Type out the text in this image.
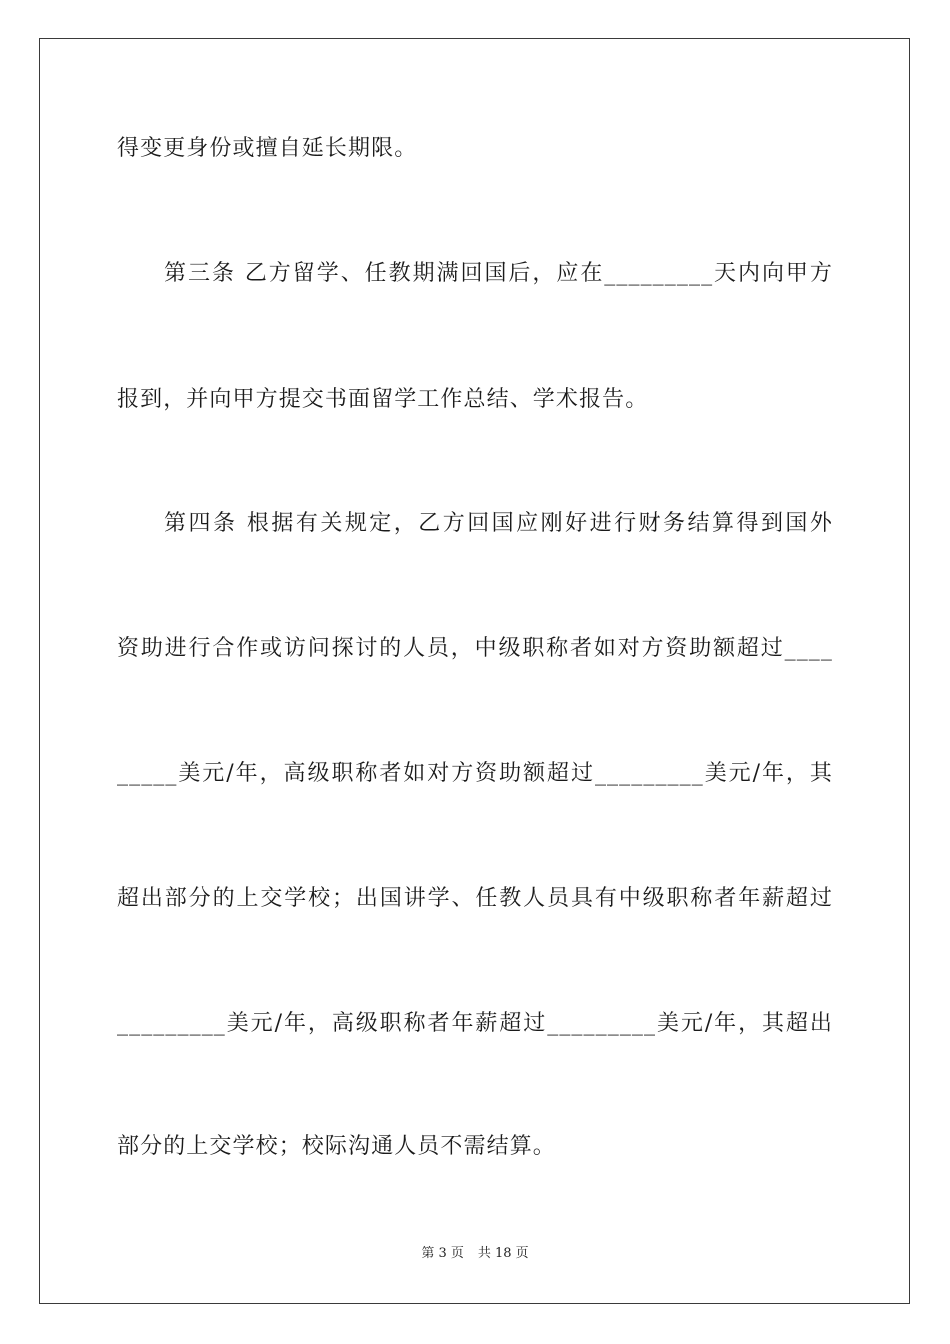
得变更身份或擅自延长期限。
第三条 乙方留学、任教期满回国后，应在_________天内向甲方
报到，并向甲方提交书面留学工作总结、学术报告。
第四条 根据有关规定，乙方回国应刚好进行财务结算得到国外
资助进行合作或访问探讨的人员，中级职称者如对方资助额超过____
_____美元/年，高级职称者如对方资助额超过_________美元/年，其
超出部分的上交学校；出国讲学、任教人员具有中级职称者年薪超过
_________美元/年，高级职称者年薪超过_________美元/年，其超出
部分的上交学校；校际沟通人员不需结算。
第 3 页 共 18 页
